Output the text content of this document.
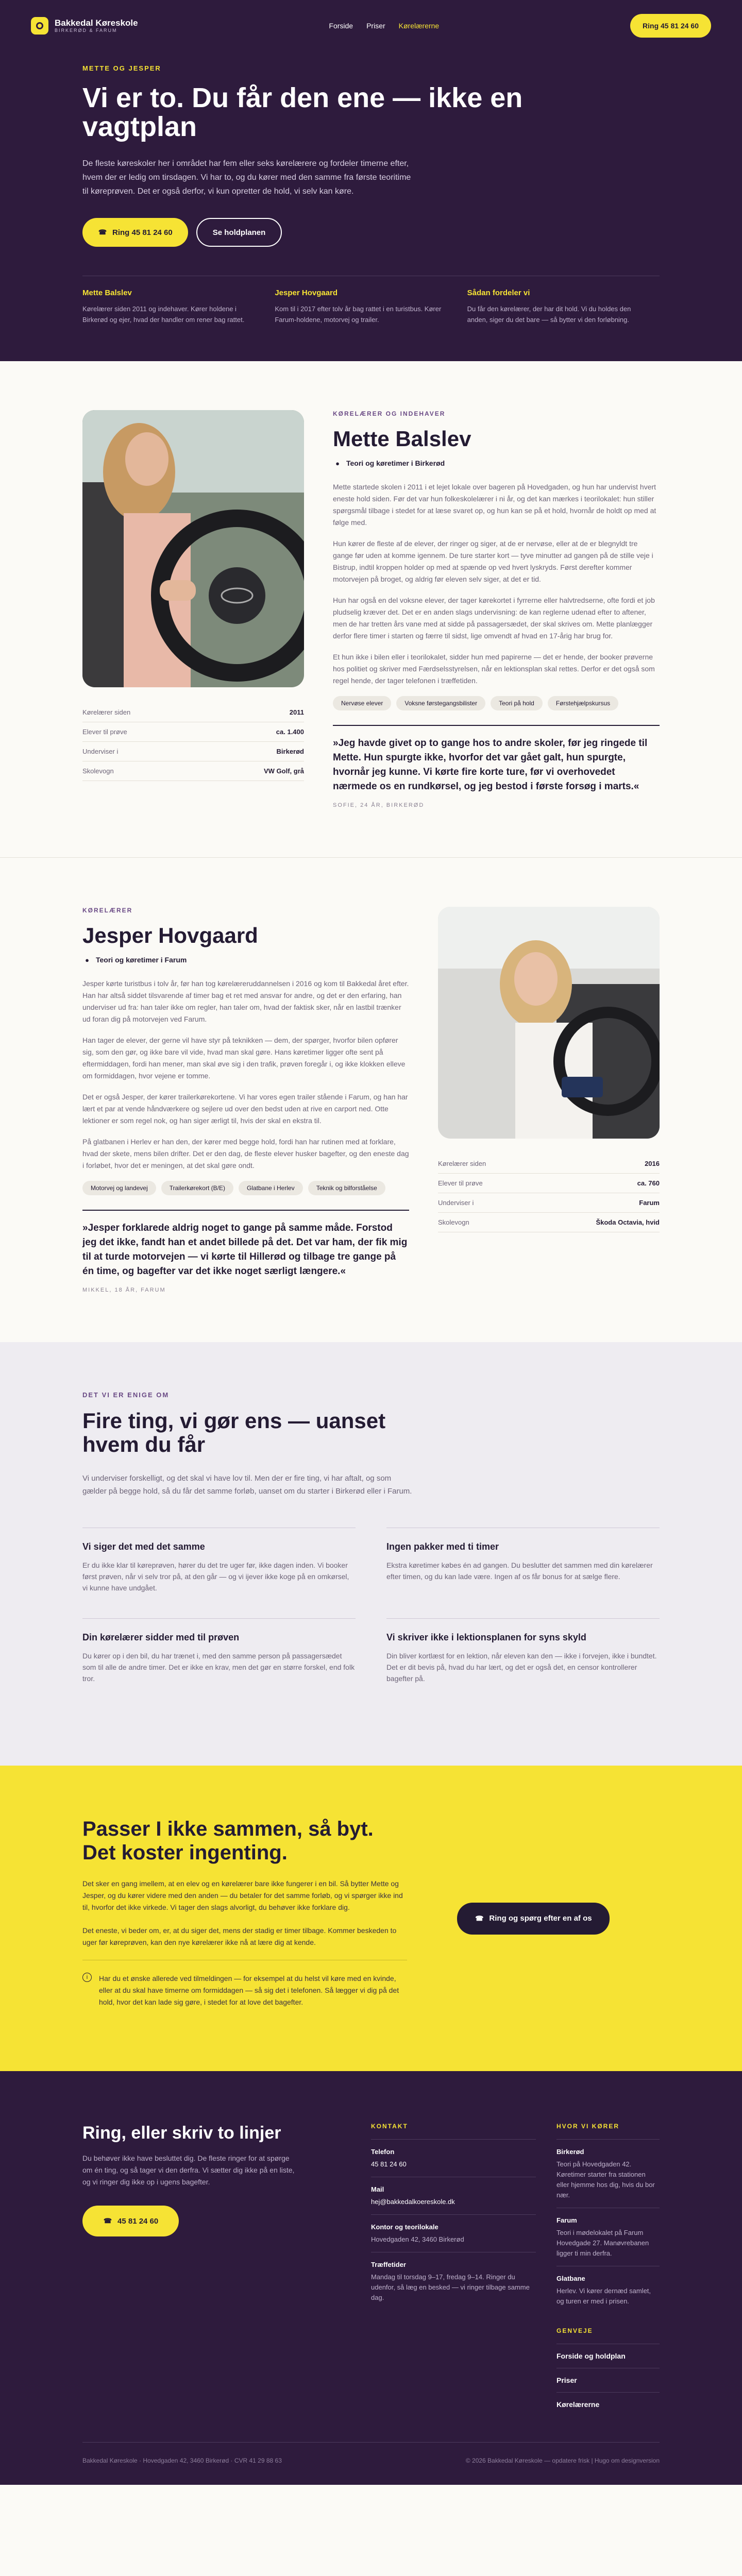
Bakkedal Køreskole
BIRKERØD & FARUM
Forside Priser Kørelærerne	Ring 45 81 24 60
METTE OG JESPER
Vi er to. Du får den ene — ikke en vagtplan

De fleste køreskoler her i området har fem eller seks kørelærere og fordeler timerne efter, hvem der er ledig om tirsdagen. Vi har to, og du kører med den samme fra første teoritime til køreprøven. Det er også derfor, vi kun opretter de hold, vi selv kan køre.

☎ Ring 45 81 24 60	Se holdplanen
Mette Balslev

Kørelærer siden 2011 og indehaver. Kører holdene i Birkerød og ejer, hvad der handler om rener bag rattet.

Jesper Hovgaard

Kom til i 2017 efter tolv år bag rattet i en turistbus. Kører Farum-holdene, motorvej og trailer.

Sådan fordeler vi

Du får den kørelærer, der har dit hold. Vi du holdes den anden, siger du det bare — så bytter vi den forløbning.

Kørelærer siden	2011
Elever til prøve	ca. 1.400
Underviser i	Birkerød
Skolevogn	VW Golf, grå
KØRELÆRER OG INDEHAVER
Mette Balslev
● Teori og køretimer i Birkerød

Mette startede skolen i 2011 i et lejet lokale over bageren på Hovedgaden, og hun har undervist hvert eneste hold siden. Før det var hun folkeskolelærer i ni år, og det kan mærkes i teorilokalet: hun stiller spørgsmål tilbage i stedet for at læse svaret op, og hun kan se på et hold, hvornår de holdt op med at følge med.

Hun kører de fleste af de elever, der ringer og siger, at de er nervøse, eller at de er blegnyldt tre gange før uden at komme igennem. De ture starter kort — tyve minutter ad gangen på de stille veje i Bistrup, indtil kroppen holder op med at spænde op ved hvert lyskryds. Først derefter kommer motorvejen på broget, og aldrig før eleven selv siger, at det er tid.

Hun har også en del voksne elever, der tager kørekortet i fyrrerne eller halvtredserne, ofte fordi et job pludselig kræver det. Det er en anden slags undervisning: de kan reglerne udenad efter to aftener, men de har tretten års vane med at sidde på passagersædet, der skal skrives om. Mette planlægger derfor flere timer i starten og færre til sidst, lige omvendt af hvad en 17-årig har brug for.

Et hun ikke i bilen eller i teorilokalet, sidder hun med papirerne — det er hende, der booker prøverne hos politiet og skriver med Færdselsstyrelsen, når en lektionsplan skal rettes. Derfor er det også som regel hende, der tager telefonen i træffetiden.

Nervøse elever	Voksne førstegangsbilister	Teori på hold	Førstehjælpskursus

»Jeg havde givet op to gange hos to andre skoler, før jeg ringede til Mette. Hun spurgte ikke, hvorfor det var gået galt, hun spurgte, hvornår jeg kunne. Vi kørte fire korte ture, før vi overhovedet nærmede os en rundkørsel, og jeg bestod i første forsøg i marts.«

SOFIE, 24 ÅR, BIRKERØD
KØRELÆRER
Jesper Hovgaard
● Teori og køretimer i Farum

Jesper kørte turistbus i tolv år, før han tog kørelæreruddannelsen i 2016 og kom til Bakkedal året efter. Han har altså siddet tilsvarende af timer bag et ret med ansvar for andre, og det er den erfaring, han underviser ud fra: han taler ikke om regler, han taler om, hvad der faktisk sker, når en lastbil trænker ud foran dig på motorvejen ved Farum.

Han tager de elever, der gerne vil have styr på teknikken — dem, der spørger, hvorfor bilen opfører sig, som den gør, og ikke bare vil vide, hvad man skal gøre. Hans køretimer ligger ofte sent på eftermiddagen, fordi han mener, man skal øve sig i den trafik, prøven foregår i, og ikke klokken elleve om formiddagen, hvor vejene er tomme.

Det er også Jesper, der kører trailerkørekortene. Vi har vores egen trailer stående i Farum, og han har lært et par at vende håndværkere og sejlere ud over den bedst uden at rive en carport ned. Otte lektioner er som regel nok, og han siger ærligt til, hvis der skal en ekstra til.

På glatbanen i Herlev er han den, der kører med begge hold, fordi han har rutinen med at forklare, hvad der skete, mens bilen drifter. Det er den dag, de fleste elever husker bagefter, og den eneste dag i forløbet, hvor det er meningen, at det skal gøre ondt.

Motorvej og landevej	Trailerkørekort (B/E)	Glatbane i Herlev	Teknik og bilforståelse

»Jesper forklarede aldrig noget to gange på samme måde. Forstod jeg det ikke, fandt han et andet billede på det. Det var ham, der fik mig til at turde motorvejen — vi kørte til Hillerød og tilbage tre gange på én time, og bagefter var det ikke noget særligt længere.«

MIKKEL, 18 ÅR, FARUM
Kørelærer siden	2016
Elever til prøve	ca. 760
Underviser i	Farum
Skolevogn	Škoda Octavia, hvid
DET VI ER ENIGE OM
Fire ting, vi gør ens — uanset hvem du får

Vi underviser forskelligt, og det skal vi have lov til. Men der er fire ting, vi har aftalt, og som gælder på begge hold, så du får det samme forløb, uanset om du starter i Birkerød eller i Farum.

Vi siger det med det samme

Er du ikke klar til køreprøven, hører du det tre uger før, ikke dagen inden. Vi booker først prøven, når vi selv tror på, at den går — og vi ijever ikke koge på en omkørsel, vi kunne have undgået.

Ingen pakker med ti timer

Ekstra køretimer købes én ad gangen. Du beslutter det sammen med din kørelærer efter timen, og du kan lade være. Ingen af os får bonus for at sælge flere.

Din kørelærer sidder med til prøven

Du kører op i den bil, du har trænet i, med den samme person på passagersædet som til alle de andre timer. Det er ikke en krav, men det gør en større forskel, end folk tror.

Vi skriver ikke i lektionsplanen for syns skyld

Din bliver kortlæst for en lektion, når eleven kan den — ikke i forvejen, ikke i bundtet. Det er dit bevis på, hvad du har lært, og det er også det, en censor kontrollerer bagefter på.

Passer I ikke sammen, så byt. Det koster ingenting.

Det sker en gang imellem, at en elev og en kørelærer bare ikke fungerer i en bil. Så bytter Mette og Jesper, og du kører videre med den anden — du betaler for det samme forløb, og vi spørger ikke ind til, hvorfor det ikke virkede. Vi tager den slags alvorligt, du behøver ikke forklare dig.

Det eneste, vi beder om, er, at du siger det, mens der stadig er timer tilbage. Kommer beskeden to uger før køreprøven, kan den nye kørelærer ikke nå at lære dig at kende.

i	Har du et ønske allerede ved tilmeldingen — for eksempel at du helst vil køre med en kvinde, eller at du skal have timerne om formiddagen — så sig det i telefonen. Så lægger vi dig på det hold, hvor det kan lade sig gøre, i stedet for at love det bagefter.

☎ Ring og spørg efter en af os
Ring, eller skriv to linjer

Du behøver ikke have besluttet dig. De fleste ringer for at spørge om én ting, og så tager vi den derfra. Vi sætter dig ikke på en liste, og vi ringer dig ikke op i ugens bagefter.

☎ 45 81 24 60
KONTAKT
Telefon
45 81 24 60
Mail
hej@bakkedalkoereskole.dk
Kontor og teorilokale
Hovedgaden 42, 3460 Birkerød
Træffetider
Mandag til torsdag 9–17, fredag 9–14. Ringer du udenfor, så læg en besked — vi ringer tilbage samme dag.
HVOR VI KØRER
Birkerød
Teori på Hovedgaden 42. Køretimer starter fra stationen eller hjemme hos dig, hvis du bor nær.
Farum
Teori i mødelokalet på Farum Hovedgade 27. Manøvrebanen ligger ti min derfra.
Glatbane
Herlev. Vi kører dernæd samlet, og turen er med i prisen.
GENVEJE
Forside og holdplan
Priser
Kørelærerne
Bakkedal Køreskole · Hovedgaden 42, 3460 Birkerød · CVR 41 29 88 63	© 2026 Bakkedal Køreskole — opdatere frisk | Hugo om designversion
